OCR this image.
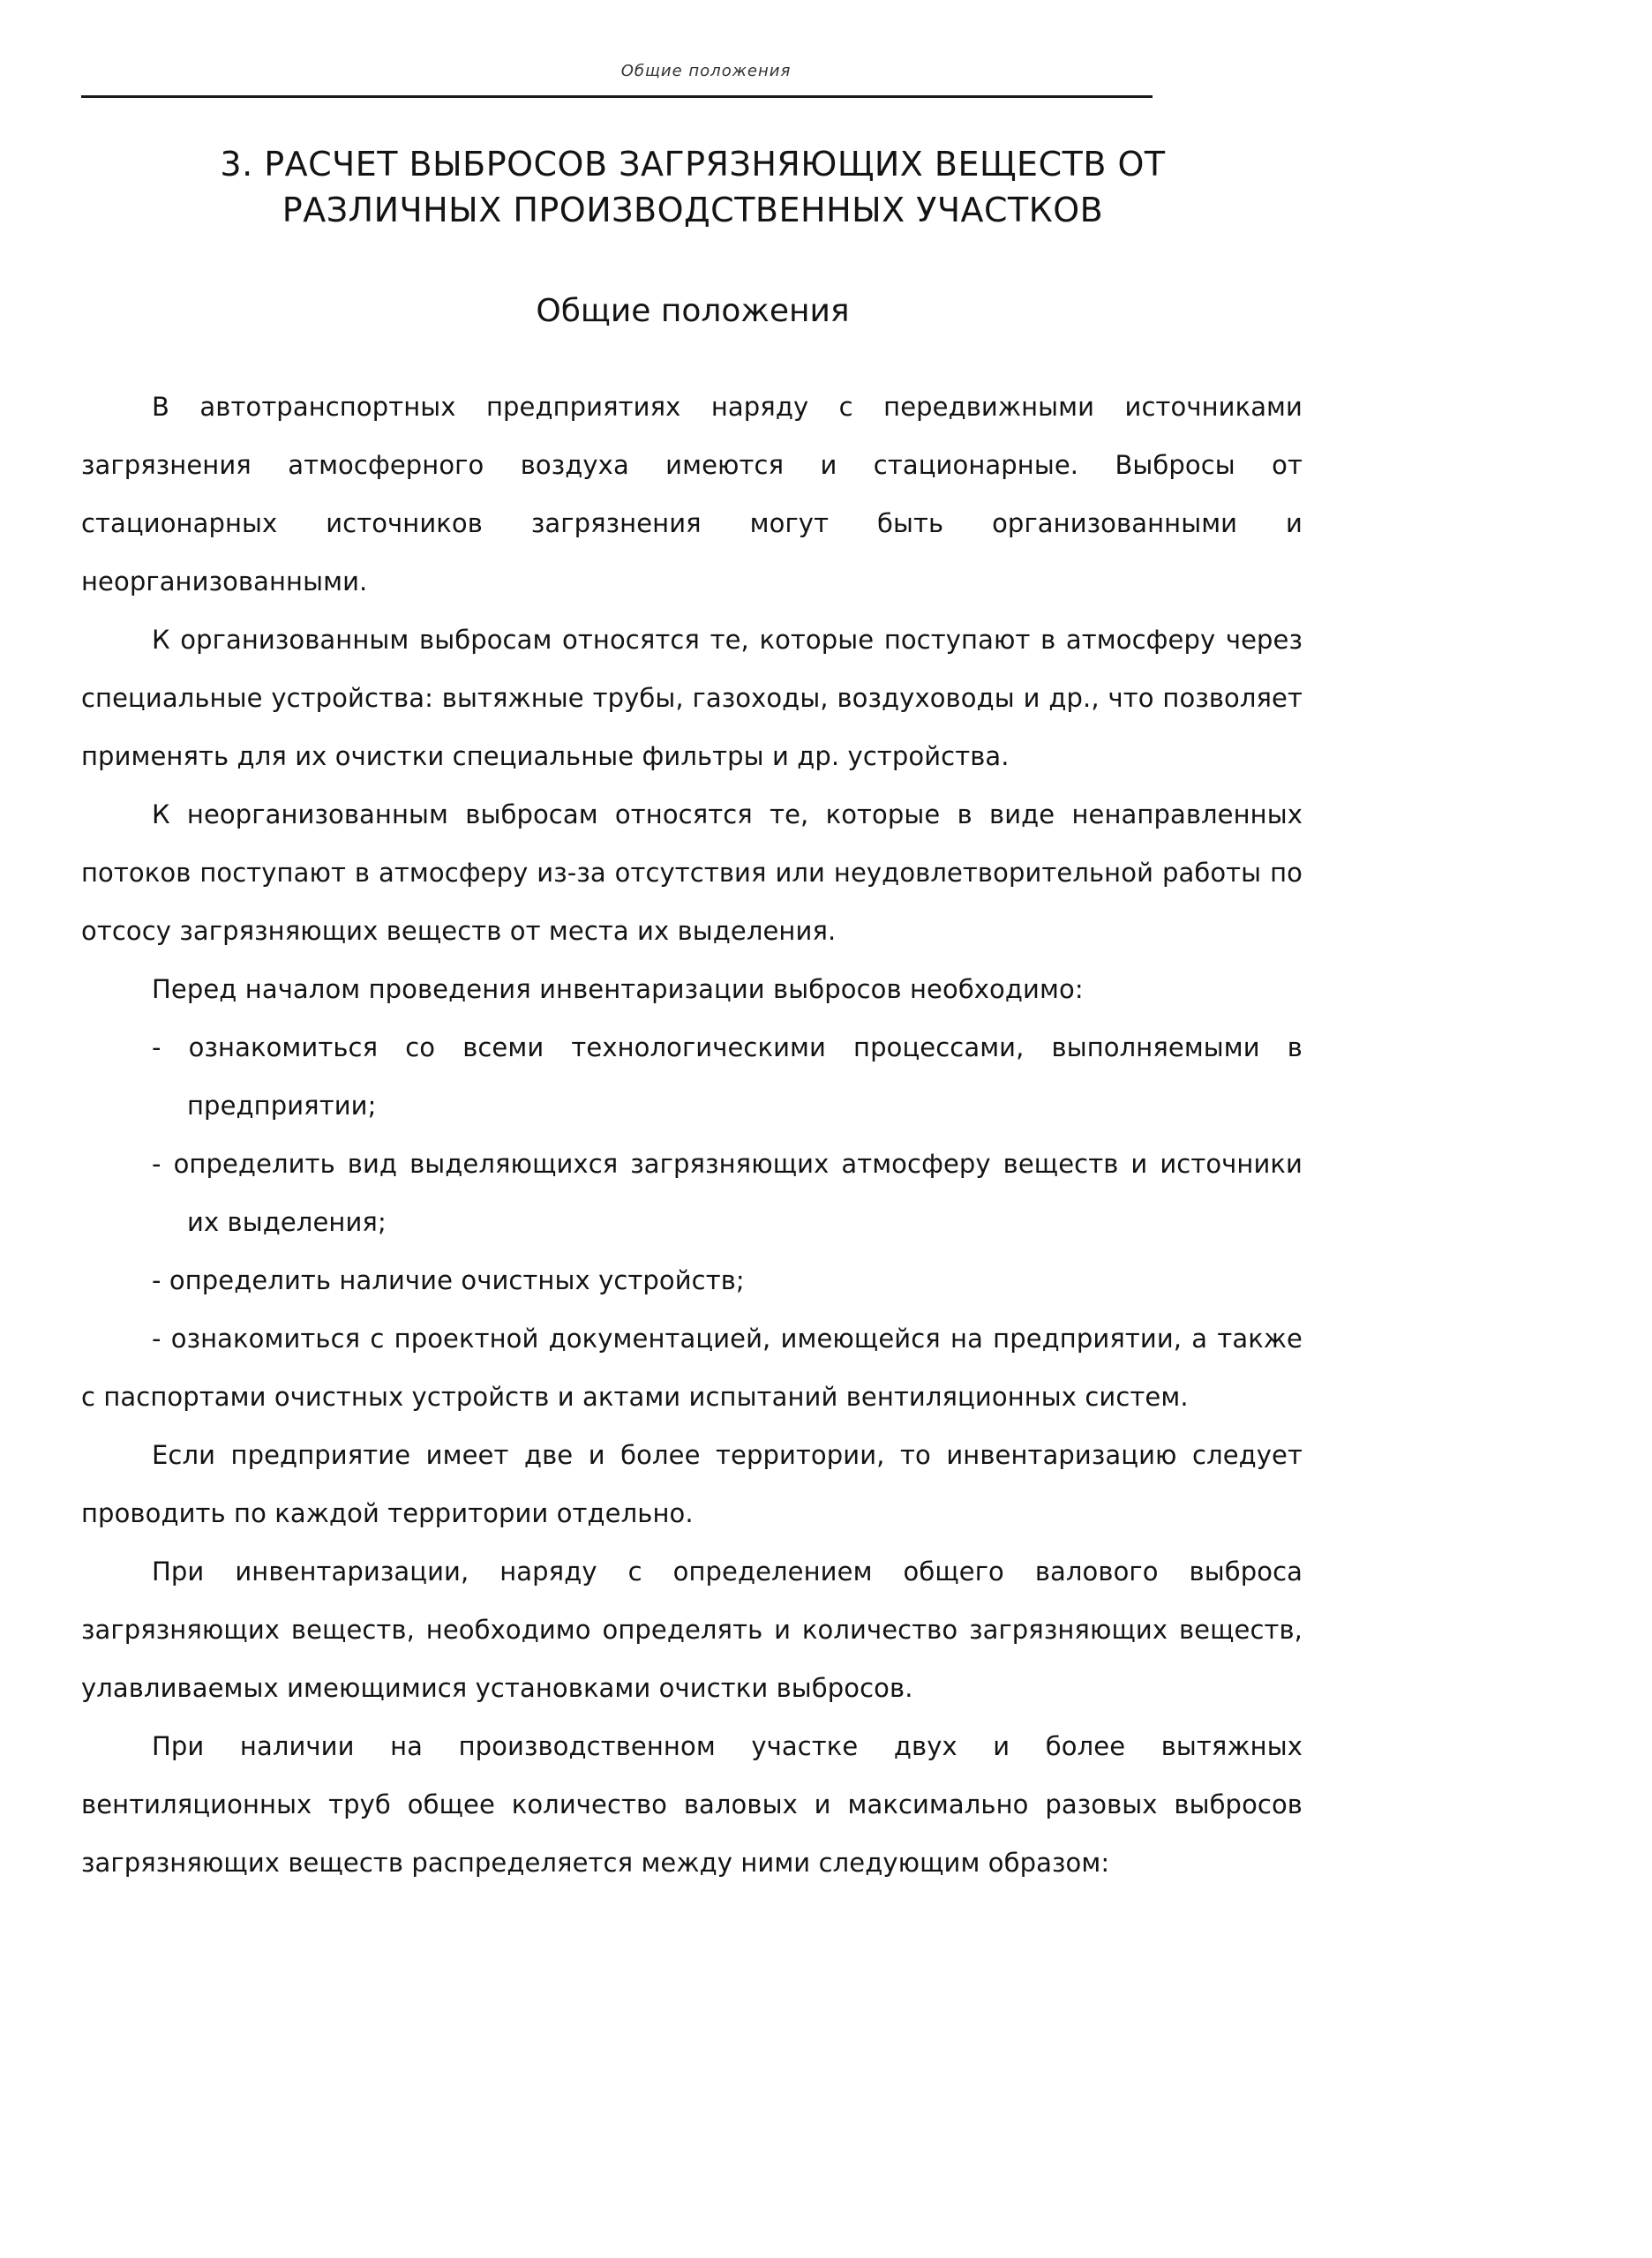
Общие положения
3. РАСЧЕТ ВЫБРОСОВ ЗАГРЯЗНЯЮЩИХ ВЕЩЕСТВ ОТ
РАЗЛИЧНЫХ ПРОИЗВОДСТВЕННЫХ УЧАСТКОВ
Общие положения

В автотранспортных предприятиях наряду с передвижными источниками загрязнения атмосферного воздуха имеются и стационарные. Выбросы от стационарных источников загрязнения могут быть организованными и неорганизованными.

К организованным выбросам относятся те, которые поступают в атмосферу через специальные устройства: вытяжные трубы, газоходы, воздуховоды и др., что позволяет применять для их очистки специальные фильтры и др. устройства.

К неорганизованным выбросам относятся те, которые в виде ненаправленных потоков поступают в атмосферу из-за отсутствия или неудовлетворительной работы по отсосу загрязняющих веществ от места их выделения.

Перед началом проведения инвентаризации выбросов необходимо:

- ознакомиться со всеми технологическими процессами, выполняемыми в предприятии;

- определить вид выделяющихся загрязняющих атмосферу веществ и источники их выделения;

- определить наличие очистных устройств;

- ознакомиться с проектной документацией, имеющейся на предприятии, а также с паспортами очистных устройств и актами испытаний вентиляционных систем.

Если предприятие имеет две и более территории, то инвентаризацию следует проводить по каждой территории отдельно.

При инвентаризации, наряду с определением общего валового выброса загрязняющих веществ, необходимо определять и количество загрязняющих веществ, улавливаемых имеющимися установками очистки выбросов.

При наличии на производственном участке двух и более вытяжных вентиляционных труб общее количество валовых и максимально разовых выбросов загрязняющих веществ распределяется между ними следующим образом:
